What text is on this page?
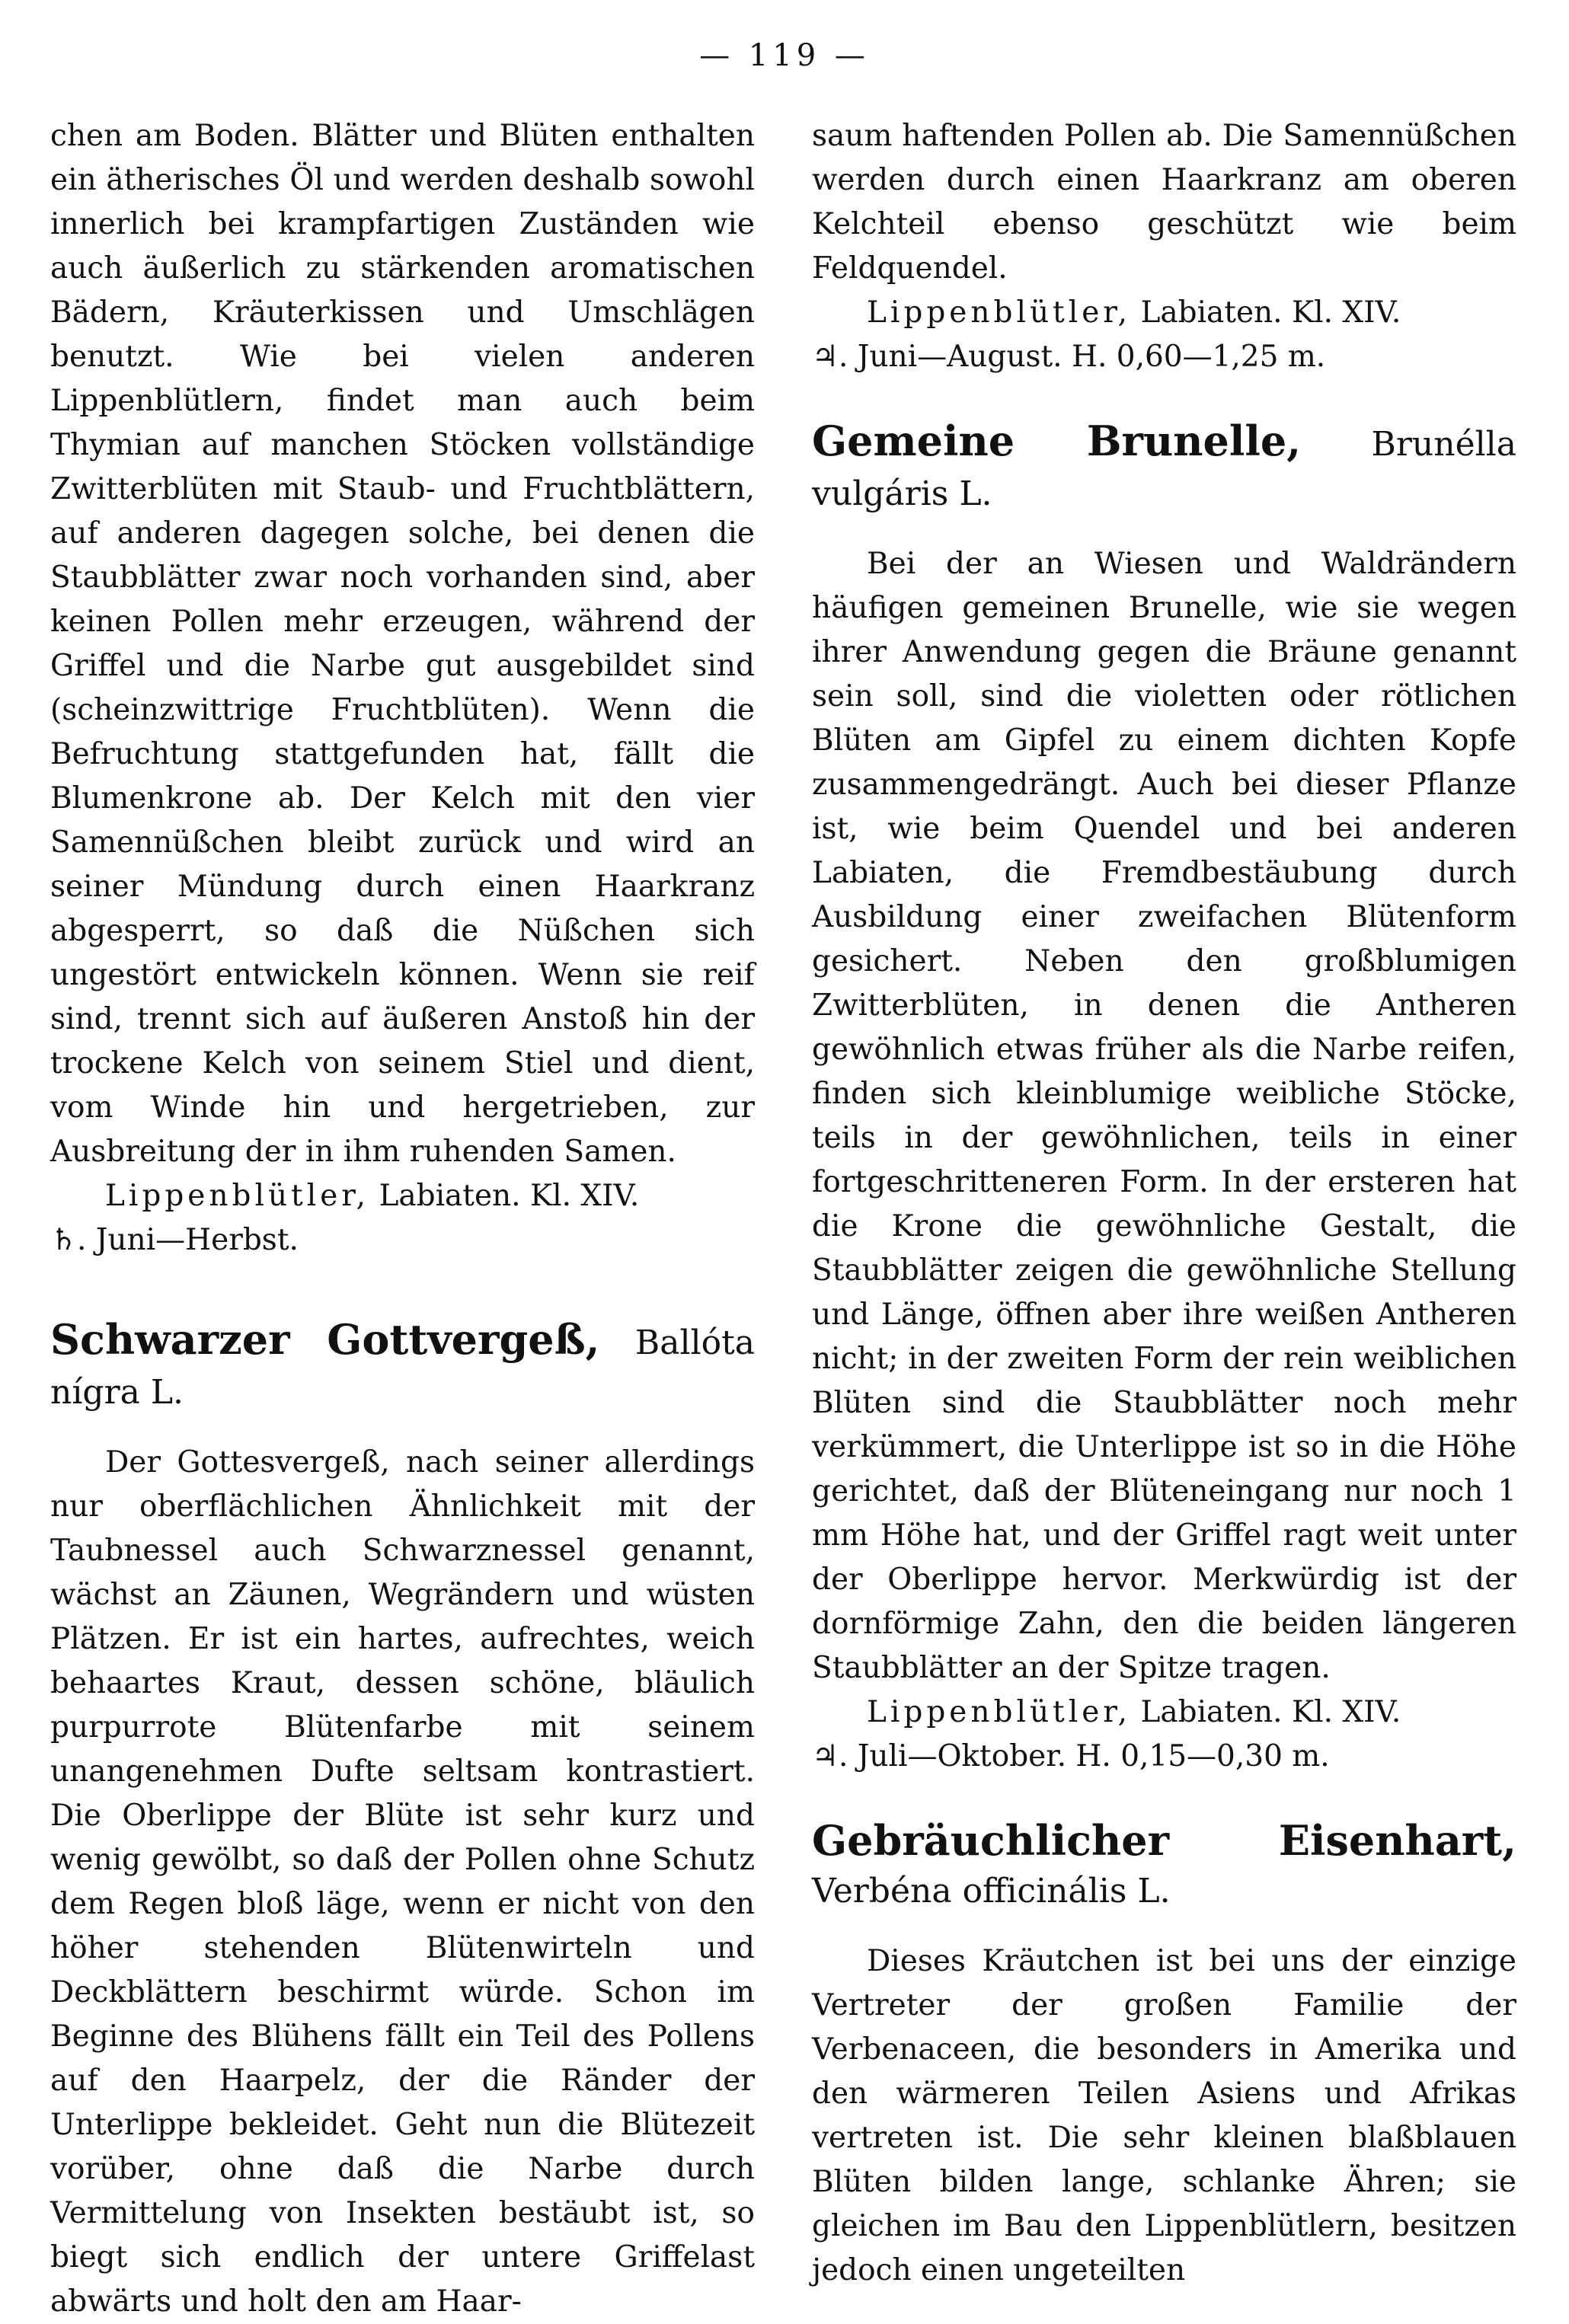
— 119 —

chen am Boden. Blätter und Blüten enthalten ein ätherisches Öl und werden deshalb sowohl innerlich bei krampfartigen Zuständen wie auch äußerlich zu stärkenden aromatischen Bädern, Kräuterkissen und Umschlägen benutzt. Wie bei vielen anderen Lippenblütlern, findet man auch beim Thymian auf manchen Stöcken vollständige Zwitterblüten mit Staub- und Fruchtblättern, auf anderen dagegen solche, bei denen die Staubblätter zwar noch vorhanden sind, aber keinen Pollen mehr erzeugen, während der Griffel und die Narbe gut ausgebildet sind (scheinzwittrige Fruchtblüten). Wenn die Befruchtung stattgefunden hat, fällt die Blumenkrone ab. Der Kelch mit den vier Samennüßchen bleibt zurück und wird an seiner Mündung durch einen Haarkranz abgesperrt, so daß die Nüßchen sich ungestört entwickeln können. Wenn sie reif sind, trennt sich auf äußeren Anstoß hin der trockene Kelch von seinem Stiel und dient, vom Winde hin und hergetrieben, zur Ausbreitung der in ihm ruhenden Samen.

Lippenblütler, Labiaten. Kl. XIV.

♄. Juni—Herbst.

Schwarzer Gottvergeß, Ballóta nígra L.

Der Gottesvergeß, nach seiner allerdings nur oberflächlichen Ähnlichkeit mit der Taubnessel auch Schwarznessel genannt, wächst an Zäunen, Wegrändern und wüsten Plätzen. Er ist ein hartes, aufrechtes, weich behaartes Kraut, dessen schöne, bläulich purpurrote Blütenfarbe mit seinem unangenehmen Dufte seltsam kontrastiert. Die Oberlippe der Blüte ist sehr kurz und wenig gewölbt, so daß der Pollen ohne Schutz dem Regen bloß läge, wenn er nicht von den höher stehenden Blütenwirteln und Deckblättern beschirmt würde. Schon im Beginne des Blühens fällt ein Teil des Pollens auf den Haarpelz, der die Ränder der Unterlippe bekleidet. Geht nun die Blütezeit vorüber, ohne daß die Narbe durch Vermittelung von Insekten bestäubt ist, so biegt sich endlich der untere Griffelast abwärts und holt den am Haar-

saum haftenden Pollen ab. Die Samennüßchen werden durch einen Haarkranz am oberen Kelchteil ebenso geschützt wie beim Feldquendel.

Lippenblütler, Labiaten. Kl. XIV.

♃. Juni—August. H. 0,60—1,25 m.

Gemeine Brunelle, Brunélla vulgáris L.

Bei der an Wiesen und Waldrändern häufigen gemeinen Brunelle, wie sie wegen ihrer Anwendung gegen die Bräune genannt sein soll, sind die violetten oder rötlichen Blüten am Gipfel zu einem dichten Kopfe zusammengedrängt. Auch bei dieser Pflanze ist, wie beim Quendel und bei anderen Labiaten, die Fremdbestäubung durch Ausbildung einer zweifachen Blütenform gesichert. Neben den großblumigen Zwitterblüten, in denen die Antheren gewöhnlich etwas früher als die Narbe reifen, finden sich kleinblumige weibliche Stöcke, teils in der gewöhnlichen, teils in einer fortgeschritteneren Form. In der ersteren hat die Krone die gewöhnliche Gestalt, die Staubblätter zeigen die gewöhnliche Stellung und Länge, öffnen aber ihre weißen Antheren nicht; in der zweiten Form der rein weiblichen Blüten sind die Staubblätter noch mehr verkümmert, die Unterlippe ist so in die Höhe gerichtet, daß der Blüteneingang nur noch 1 mm Höhe hat, und der Griffel ragt weit unter der Oberlippe hervor. Merkwürdig ist der dornförmige Zahn, den die beiden längeren Staubblätter an der Spitze tragen.

Lippenblütler, Labiaten. Kl. XIV.

♃. Juli—Oktober. H. 0,15—0,30 m.

Gebräuchlicher Eisenhart, Verbéna officinális L.

Dieses Kräutchen ist bei uns der einzige Vertreter der großen Familie der Verbenaceen, die besonders in Amerika und den wärmeren Teilen Asiens und Afrikas vertreten ist. Die sehr kleinen blaßblauen Blüten bilden lange, schlanke Ähren; sie gleichen im Bau den Lippenblütlern, besitzen jedoch einen ungeteilten
